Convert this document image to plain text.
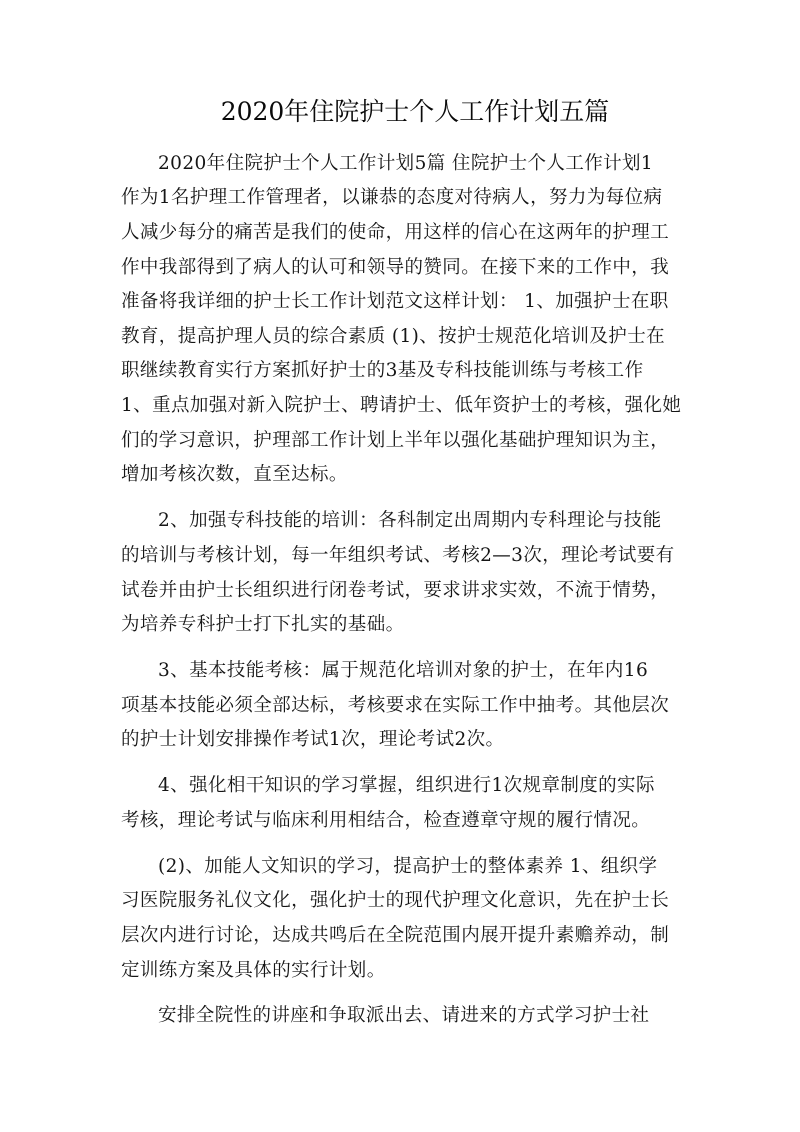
2020年住院护士个人工作计划五篇
2020年住院护士个人工作计划5篇 住院护士个人工作计划1
作为1名护理工作管理者，以谦恭的态度对待病人，努力为每位病
人减少每分的痛苦是我们的使命，用这样的信心在这两年的护理工
作中我部得到了病人的认可和领导的赞同。在接下来的工作中，我
准备将我详细的护士长工作计划范文这样计划： 1、加强护士在职
教育，提高护理人员的综合素质 (1)、按护士规范化培训及护士在
职继续教育实行方案抓好护士的3基及专科技能训练与考核工作
1、重点加强对新入院护士、聘请护士、低年资护士的考核，强化她
们的学习意识，护理部工作计划上半年以强化基础护理知识为主，
增加考核次数，直至达标。
2、加强专科技能的培训：各科制定出周期内专科理论与技能
的培训与考核计划，每一年组织考试、考核2—3次，理论考试要有
试卷并由护士长组织进行闭卷考试，要求讲求实效，不流于情势，
为培养专科护士打下扎实的基础。
3、基本技能考核：属于规范化培训对象的护士，在年内16
项基本技能必须全部达标，考核要求在实际工作中抽考。其他层次
的护士计划安排操作考试1次，理论考试2次。
4、强化相干知识的学习掌握，组织进行1次规章制度的实际
考核，理论考试与临床利用相结合，检查遵章守规的履行情况。
(2)、加能人文知识的学习，提高护士的整体素养 1、组织学
习医院服务礼仪文化，强化护士的现代护理文化意识，先在护士长
层次内进行讨论，达成共鸣后在全院范围内展开提升素赡养动，制
定训练方案及具体的实行计划。
安排全院性的讲座和争取派出去、请进来的方式学习护士社
